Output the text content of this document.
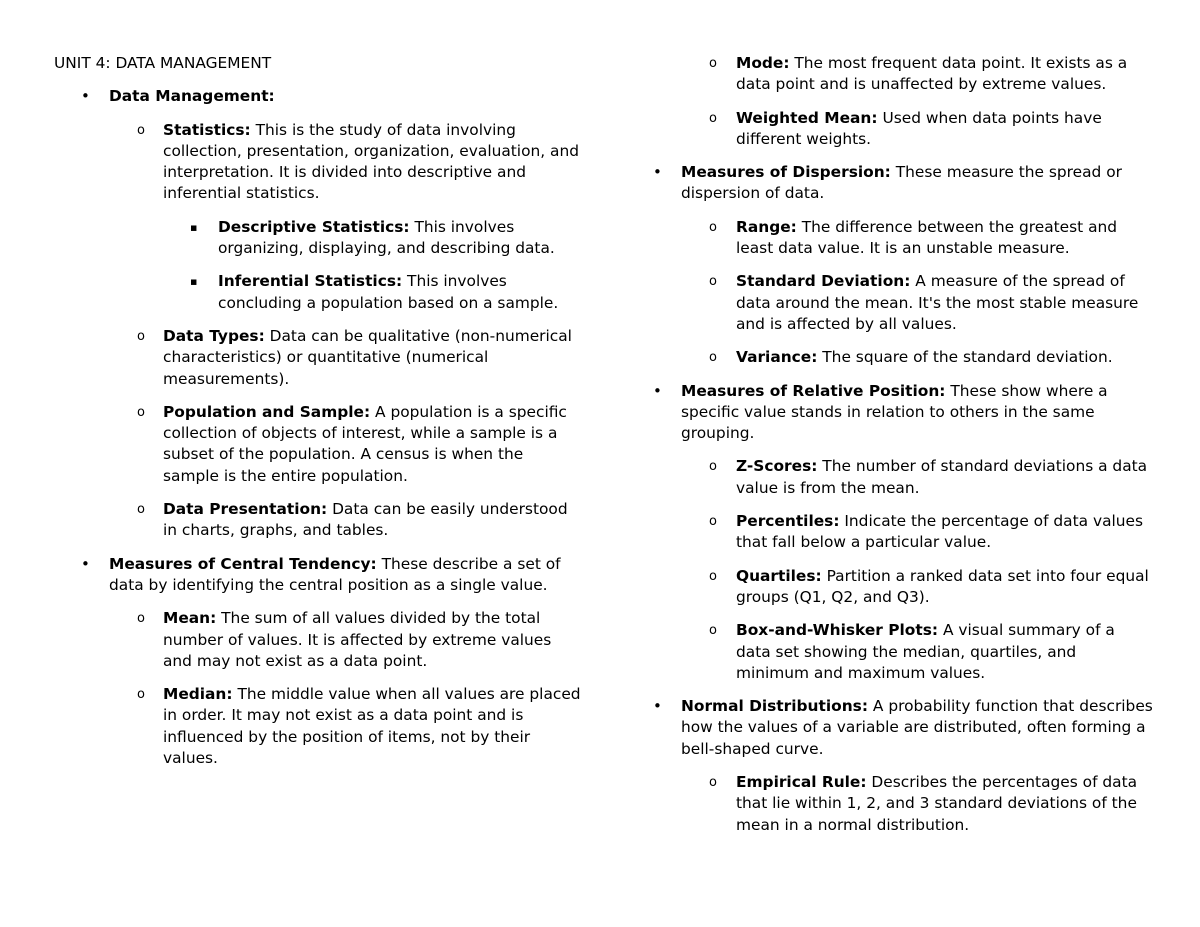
UNIT 4: DATA MANAGEMENT
• Data Management:
o Statistics: This is the study of data involving collection, presentation, organization, evaluation, and interpretation. It is divided into descriptive and inferential statistics.
▪ Descriptive Statistics: This involves organizing, displaying, and describing data.
▪ Inferential Statistics: This involves concluding a population based on a sample.
o Data Types: Data can be qualitative (non-numerical characteristics) or quantitative (numerical measurements).
o Population and Sample: A population is a specific collection of objects of interest, while a sample is a subset of the population. A census is when the sample is the entire population.
o Data Presentation: Data can be easily understood in charts, graphs, and tables.
• Measures of Central Tendency: These describe a set of data by identifying the central position as a single value.
o Mean: The sum of all values divided by the total number of values. It is affected by extreme values and may not exist as a data point.
o Median: The middle value when all values are placed in order. It may not exist as a data point and is influenced by the position of items, not by their values.
o Mode: The most frequent data point. It exists as a data point and is unaffected by extreme values.
o Weighted Mean: Used when data points have different weights.
• Measures of Dispersion: These measure the spread or dispersion of data.
o Range: The difference between the greatest and least data value. It is an unstable measure.
o Standard Deviation: A measure of the spread of data around the mean. It's the most stable measure and is affected by all values.
o Variance: The square of the standard deviation.
• Measures of Relative Position: These show where a specific value stands in relation to others in the same grouping.
o Z-Scores: The number of standard deviations a data value is from the mean.
o Percentiles: Indicate the percentage of data values that fall below a particular value.
o Quartiles: Partition a ranked data set into four equal groups (Q1, Q2, and Q3).
o Box-and-Whisker Plots: A visual summary of a data set showing the median, quartiles, and minimum and maximum values.
• Normal Distributions: A probability function that describes how the values of a variable are distributed, often forming a bell-shaped curve.
o Empirical Rule: Describes the percentages of data that lie within 1, 2, and 3 standard deviations of the mean in a normal distribution.
